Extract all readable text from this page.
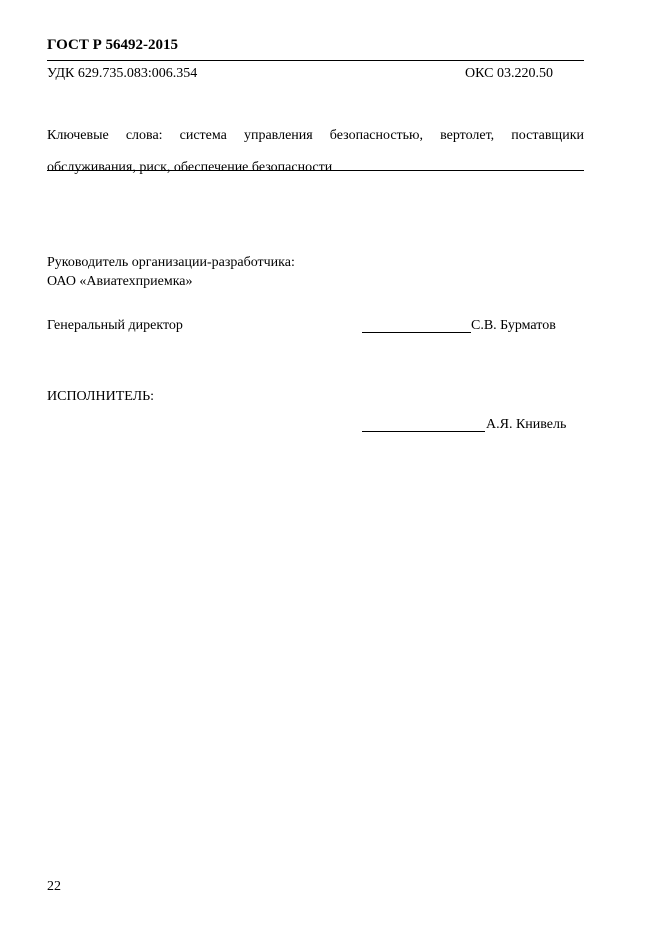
ГОСТ Р 56492-2015
УДК 629.735.083:006.354	ОКС 03.220.50
Ключевые слова: система управления безопасностью, вертолет, поставщики
обслуживания, риск, обеспечение безопасности
Руководитель организации-разработчика:
ОАО «Авиатехприемка»
Генеральный директор	С.В. Бурматов
ИСПОЛНИТЕЛЬ:
А.Я. Книвель
22
